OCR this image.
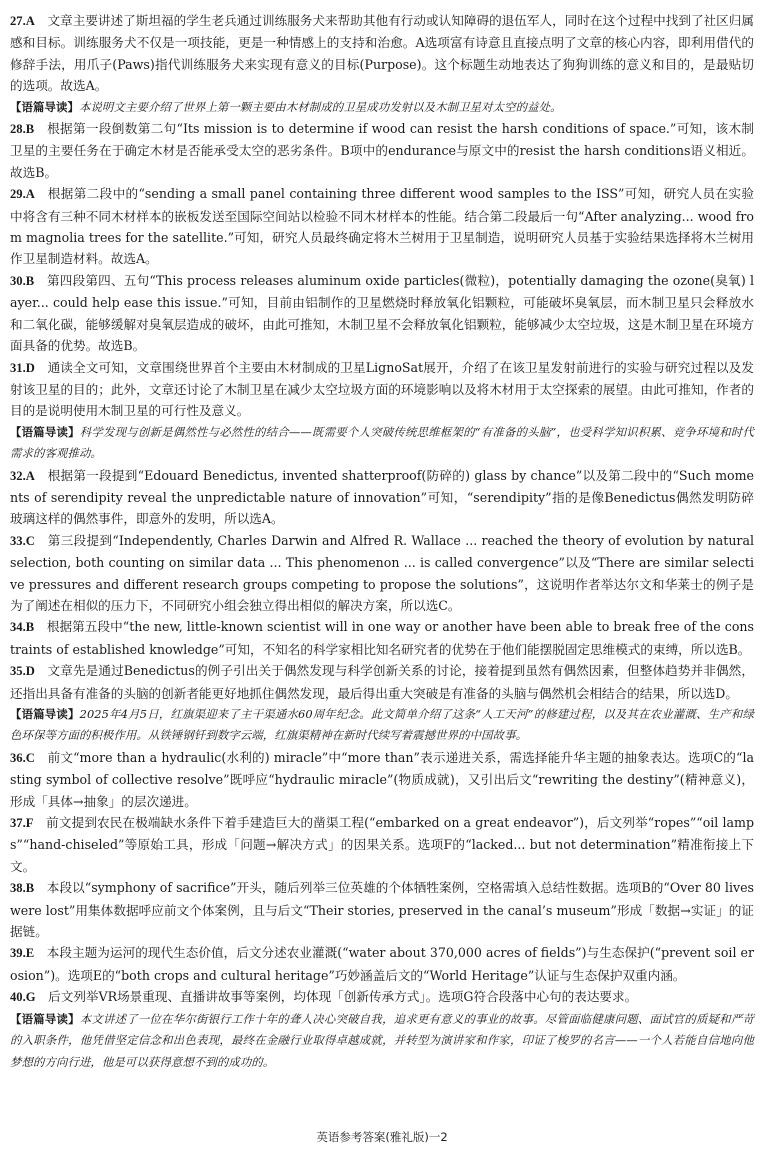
27.A  文章主要讲述了斯坦福的学生老兵通过训练服务犬来帮助其他有行动或认知障碍的退伍军人，同时在这个过程中找到了社区归属感和目标。训练服务犬不仅是一项技能，更是一种情感上的支持和治愈。A选项富有诗意且直接点明了文章的核心内容，即利用借代的修辞手法，用爪子(Paws)指代训练服务犬来实现有意义的目标(Purpose)。这个标题生动地表达了狗狗训练的意义和目的，是最贴切的选项。故选A。

【语篇导读】本说明文主要介绍了世界上第一颗主要由木材制成的卫星成功发射以及木制卫星对太空的益处。

28.B  根据第一段倒数第二句“Its mission is to determine if wood can resist the harsh conditions of space.”可知，该木制卫星的主要任务在于确定木材是否能承受太空的恶劣条件。B项中的endurance与原文中的resist the harsh conditions语义相近。故选B。

29.A  根据第二段中的“sending a small panel containing three different wood samples to the ISS”可知，研究人员在实验中将含有三种不同木材样本的嵌板发送至国际空间站以检验不同木材样本的性能。结合第二段最后一句“After analyzing... wood from magnolia trees for the satellite.”可知，研究人员最终确定将木兰树用于卫星制造，说明研究人员基于实验结果选择将木兰树用作卫星制造材料。故选A。

30.B  第四段第四、五句“This process releases aluminum oxide particles(微粒)，potentially damaging the ozone(臭氧) layer... could help ease this issue.”可知，目前由铝制作的卫星燃烧时释放氧化铝颗粒，可能破坏臭氧层，而木制卫星只会释放水和二氧化碳，能够缓解对臭氧层造成的破坏，由此可推知，木制卫星不会释放氧化铝颗粒，能够减少太空垃圾，这是木制卫星在环境方面具备的优势。故选B。

31.D  通读全文可知，文章围绕世界首个主要由木材制成的卫星LignoSat展开，介绍了在该卫星发射前进行的实验与研究过程以及发射该卫星的目的；此外，文章还讨论了木制卫星在减少太空垃圾方面的环境影响以及将木材用于太空探索的展望。由此可推知，作者的目的是说明使用木制卫星的可行性及意义。

【语篇导读】科学发现与创新是偶然性与必然性的结合——既需要个人突破传统思维框架的“有准备的头脑”，也受科学知识积累、竞争环境和时代需求的客观推动。

32.A  根据第一段提到“Edouard Benedictus, invented shatterproof(防碎的) glass by chance”以及第二段中的“Such moments of serendipity reveal the unpredictable nature of innovation”可知，“serendipity”指的是像Benedictus偶然发明防碎玻璃这样的偶然事件，即意外的发明，所以选A。

33.C  第三段提到“Independently, Charles Darwin and Alfred R. Wallace ... reached the theory of evolution by natural selection, both counting on similar data ... This phenomenon ... is called convergence”以及“There are similar selective pressures and different research groups competing to propose the solutions”，这说明作者举达尔文和华莱士的例子是为了阐述在相似的压力下，不同研究小组会独立得出相似的解决方案，所以选C。

34.B  根据第五段中“the new, little-known scientist will in one way or another have been able to break free of the constraints of established knowledge”可知，不知名的科学家相比知名研究者的优势在于他们能摆脱固定思维模式的束缚，所以选B。

35.D  文章先是通过Benedictus的例子引出关于偶然发现与科学创新关系的讨论，接着提到虽然有偶然因素，但整体趋势并非偶然，还指出具备有准备的头脑的创新者能更好地抓住偶然发现，最后得出重大突破是有准备的头脑与偶然机会相结合的结果，所以选D。

【语篇导读】2025年4月5日，红旗渠迎来了主干渠通水60周年纪念。此文简单介绍了这条“人工天河”的修建过程，以及其在农业灌溉、生产和绿色环保等方面的积极作用。从铁锤钢钎到数字云端，红旗渠精神在新时代续写着震撼世界的中国故事。

36.C  前文“more than a hydraulic(水利的) miracle”中“more than”表示递进关系，需选择能升华主题的抽象表达。选项C的“lasting symbol of collective resolve”既呼应“hydraulic miracle”(物质成就)，又引出后文“rewriting the destiny”(精神意义)，形成「具体→抽象」的层次递进。

37.F  前文提到农民在极端缺水条件下着手建造巨大的凿渠工程(“embarked on a great endeavor”)，后文列举“ropes”“oil lamps”“hand-chiseled”等原始工具，形成「问题→解决方式」的因果关系。选项F的“lacked... but not determination”精准衔接上下文。

38.B  本段以“symphony of sacrifice”开头，随后列举三位英雄的个体牺牲案例，空格需填入总结性数据。选项B的“Over 80 lives were lost”用集体数据呼应前文个体案例，且与后文“Their stories, preserved in the canal’s museum”形成「数据→实证」的证据链。

39.E  本段主题为运河的现代生态价值，后文分述农业灌溉(“water about 370,000 acres of fields”)与生态保护(“prevent soil erosion”)。选项E的“both crops and cultural heritage”巧妙涵盖后文的“World Heritage”认证与生态保护双重内涵。

40.G  后文列举VR场景重现、直播讲故事等案例，均体现「创新传承方式」。选项G符合段落中心句的表达要求。

【语篇导读】本文讲述了一位在华尔街银行工作十年的聋人决心突破自我，追求更有意义的事业的故事。尽管面临健康问题、面试官的质疑和严苛的入职条件，他凭借坚定信念和出色表现，最终在金融行业取得卓越成就，并转型为演讲家和作家，印证了梭罗的名言——一个人若能自信地向他梦想的方向行进，他是可以获得意想不到的成功的。

英语参考答案(雅礼版)一2
